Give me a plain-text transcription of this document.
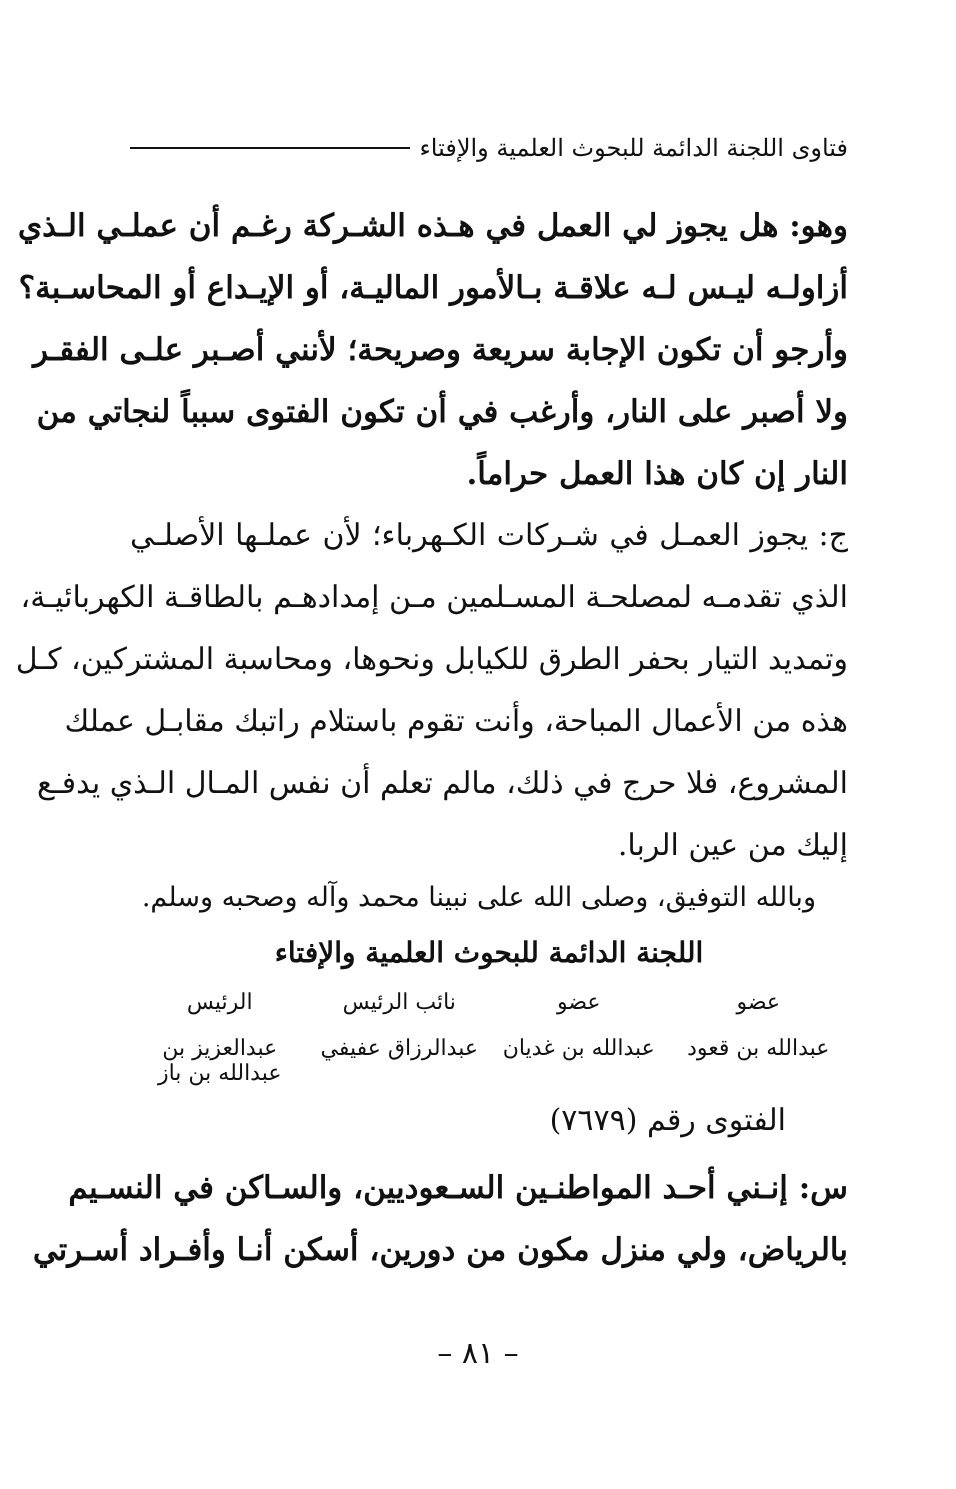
فتاوى اللجنة الدائمة للبحوث العلمية والإفتاء
وهو: هل يجوز لي العمل في هـذه الشـركة رغـم أن عملـي الـذي
أزاولـه ليـس لـه علاقـة بـالأمور الماليـة، أو الإيـداع أو المحاسـبة؟
وأرجو أن تكون الإجابة سريعة وصريحة؛ لأنني أصـبر علـى الفقـر
ولا أصبر على النار، وأرغب في أن تكون الفتوى سبباً لنجاتي من
النار إن كان هذا العمل حراماً.
ج: يجوز العمـل في شـركات الكـهرباء؛ لأن عملـها الأصلـي
الذي تقدمـه لمصلحـة المسـلمين مـن إمدادهـم بالطاقـة الكهربائيـة،
وتمديد التيار بحفر الطرق للكيابل ونحوها، ومحاسبة المشتركين، كـل
هذه من الأعمال المباحة، وأنت تقوم باستلام راتبك مقابـل عملك
المشروع، فلا حرج في ذلك، مالم تعلم أن نفس المـال الـذي يدفـع
إليك من عين الربا.
وبالله التوفيق، وصلى الله على نبينا محمد وآله وصحبه وسلم.
اللجنة الدائمة للبحوث العلمية والإفتاء
عضو
عضو
نائب الرئيس
الرئيس
عبدالله بن قعود
عبدالله بن غديان
عبدالرزاق عفيفي
عبدالعزيز بن عبدالله بن باز
الفتوى رقم (٧٦٧٩)
س: إنـني أحـد المواطنـين السـعوديين، والسـاكن في النسـيم
بالرياض، ولي منزل مكون من دورين، أسكن أنـا وأفـراد أسـرتي
– ٨١ –
